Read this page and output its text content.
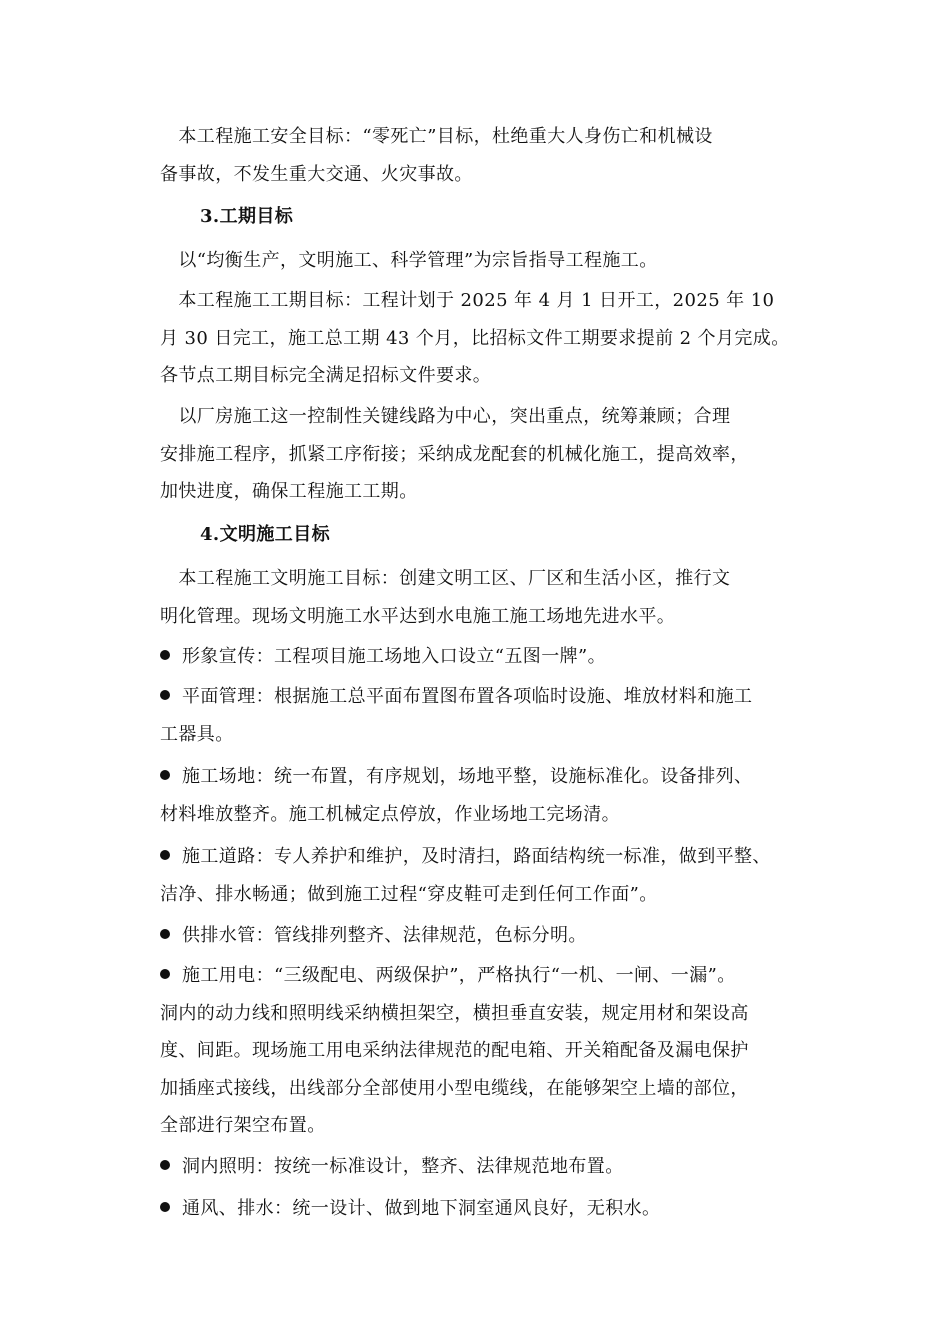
　本工程施工安全目标：“零死亡”目标，杜绝重大人身伤亡和机械设
备事故，不发生重大交通、火灾事故。

3.工期目标

　以“均衡生产，文明施工、科学管理”为宗旨指导工程施工。

　本工程施工工期目标：工程计划于 2025 年 4 月 1 日开工，2025 年 10
月 30 日完工，施工总工期 43 个月，比招标文件工期要求提前 2 个月完成。
各节点工期目标完全满足招标文件要求。

　以厂房施工这一控制性关键线路为中心，突出重点，统筹兼顾；合理
安排施工程序，抓紧工序衔接；采纳成龙配套的机械化施工，提高效率，
加快进度，确保工程施工工期。

4.文明施工目标

　本工程施工文明施工目标：创建文明工区、厂区和生活小区，推行文
明化管理。现场文明施工水平达到水电施工施工场地先进水平。

形象宣传：工程项目施工场地入口设立“五图一牌”。

平面管理：根据施工总平面布置图布置各项临时设施、堆放材料和施工
工器具。

施工场地：统一布置，有序规划，场地平整，设施标准化。设备排列、
材料堆放整齐。施工机械定点停放，作业场地工完场清。

施工道路：专人养护和维护，及时清扫，路面结构统一标准，做到平整、
洁净、排水畅通；做到施工过程“穿皮鞋可走到任何工作面”。

供排水管：管线排列整齐、法律规范，色标分明。

施工用电：“三级配电、两级保护”，严格执行“一机、一闸、一漏”。
洞内的动力线和照明线采纳横担架空，横担垂直安装，规定用材和架设高
度、间距。现场施工用电采纳法律规范的配电箱、开关箱配备及漏电保护
加插座式接线，出线部分全部使用小型电缆线，在能够架空上墙的部位，
全部进行架空布置。

洞内照明：按统一标准设计，整齐、法律规范地布置。

通风、排水：统一设计、做到地下洞室通风良好，无积水。
